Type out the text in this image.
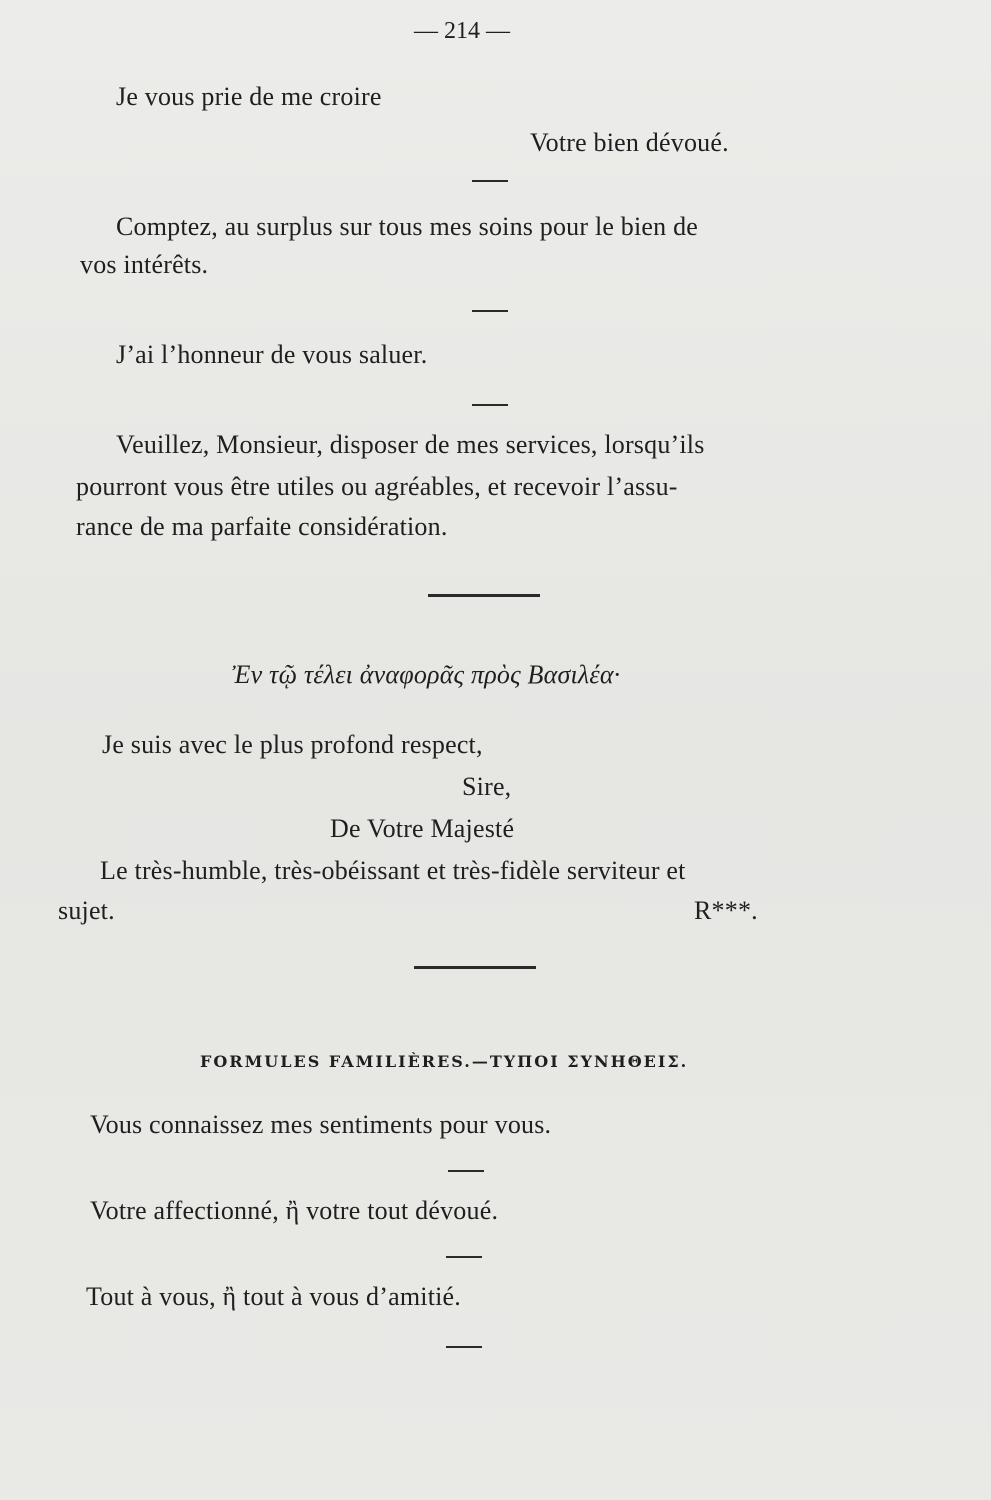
— 214 —
Je vous prie de me croire
Votre bien dévoué.
Comptez, au surplus sur tous mes soins pour le bien de
vos intérêts.
J’ai l’honneur de vous saluer.
Veuillez, Monsieur, disposer de mes services, lorsqu’ils
pourront vous être utiles ou agréables, et recevoir l’assu-
rance de ma parfaite considération.
Ἐν τῷ τέλει ἀναφορᾶς πρὸς Βασιλέα·
Je suis avec le plus profond respect,
Sire,
De Votre Majesté
Le très-humble, très-obéissant et très-fidèle serviteur et
sujet.	R***.
FORMULES FAMILIÈRES.—ΤΥΠΟΙ ΣΥΝΗΘΕΙΣ.
Vous connaissez mes sentiments pour vous.
Votre affectionné, ἢ votre tout dévoué.
Tout à vous, ἢ tout à vous d’amitié.
